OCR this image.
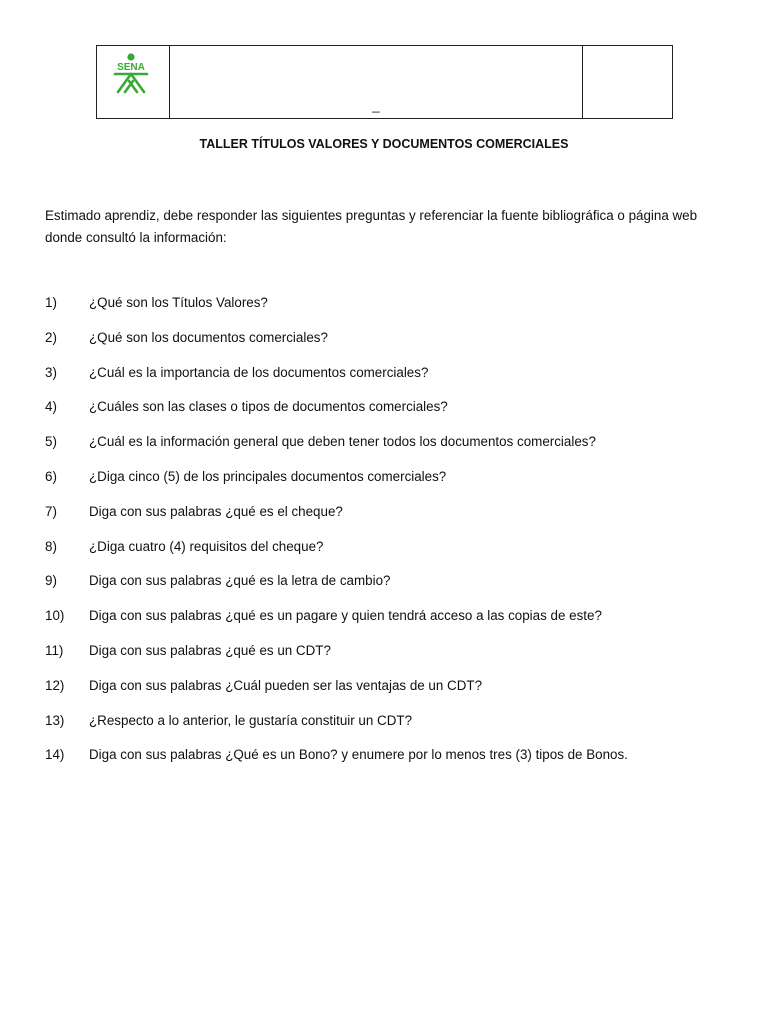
SENA

_

TALLER TÍTULOS VALORES Y DOCUMENTOS COMERCIALES

Estimado aprendiz, debe responder las siguientes preguntas y referenciar la fuente bibliográfica o página web donde consultó la información:

1)	¿Qué son los Títulos Valores?
2)	¿Qué son los documentos comerciales?
3)	¿Cuál es la importancia de los documentos comerciales?
4)	¿Cuáles son las clases o tipos de documentos comerciales?
5)	¿Cuál es la información general que deben tener todos los documentos comerciales?
6)	¿Diga cinco (5) de los principales documentos comerciales?
7)	Diga con sus palabras ¿qué es el cheque?
8)	¿Diga cuatro (4) requisitos del cheque?
9)	Diga con sus palabras ¿qué es la letra de cambio?
10)	Diga con sus palabras ¿qué es un pagare y quien tendrá acceso a las copias de este?
11)	Diga con sus palabras ¿qué es un CDT?
12)	Diga con sus palabras ¿Cuál pueden ser las ventajas de un CDT?
13)	¿Respecto a lo anterior, le gustaría constituir un CDT?
14)	Diga con sus palabras ¿Qué es un Bono? y enumere por lo menos tres (3) tipos de Bonos.
